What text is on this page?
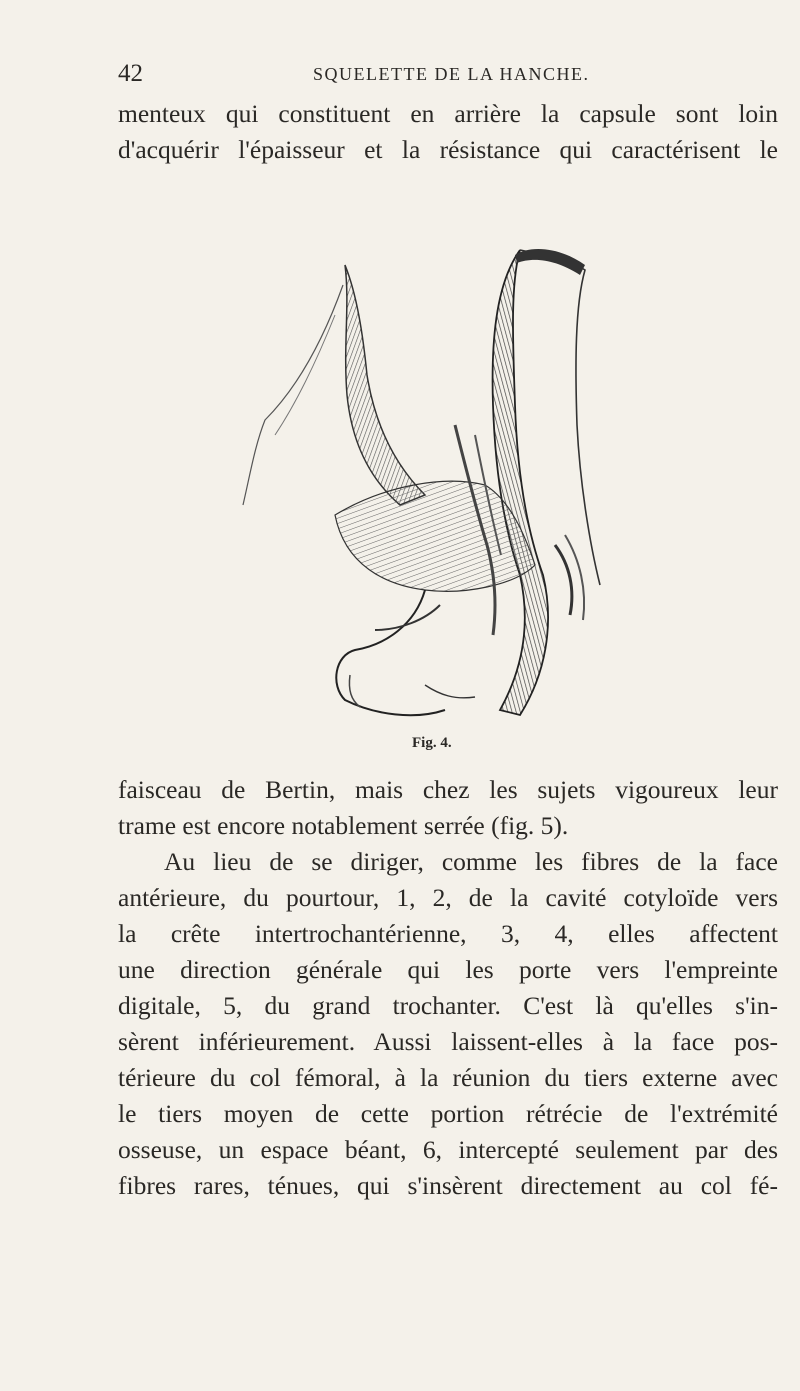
42	SQUELETTE DE LA HANCHE.

menteux qui constituent en arrière la capsule sont loin
d'acquérir l'épaisseur et la résistance qui caractérisent le

Fig. 4.

faisceau de Bertin, mais chez les sujets vigoureux leur
trame est encore notablement serrée (fig. 5).

Au lieu de se diriger, comme les fibres de la face
antérieure, du pourtour, 1, 2, de la cavité cotyloïde vers
la crête intertrochantérienne, 3, 4, elles affectent
une direction générale qui les porte vers l'empreinte
digitale, 5, du grand trochanter. C'est là qu'elles s'in-
sèrent inférieurement. Aussi laissent-elles à la face pos-
térieure du col fémoral, à la réunion du tiers externe avec
le tiers moyen de cette portion rétrécie de l'extrémité
osseuse, un espace béant, 6, intercepté seulement par des
fibres rares, ténues, qui s'insèrent directement au col fé-
